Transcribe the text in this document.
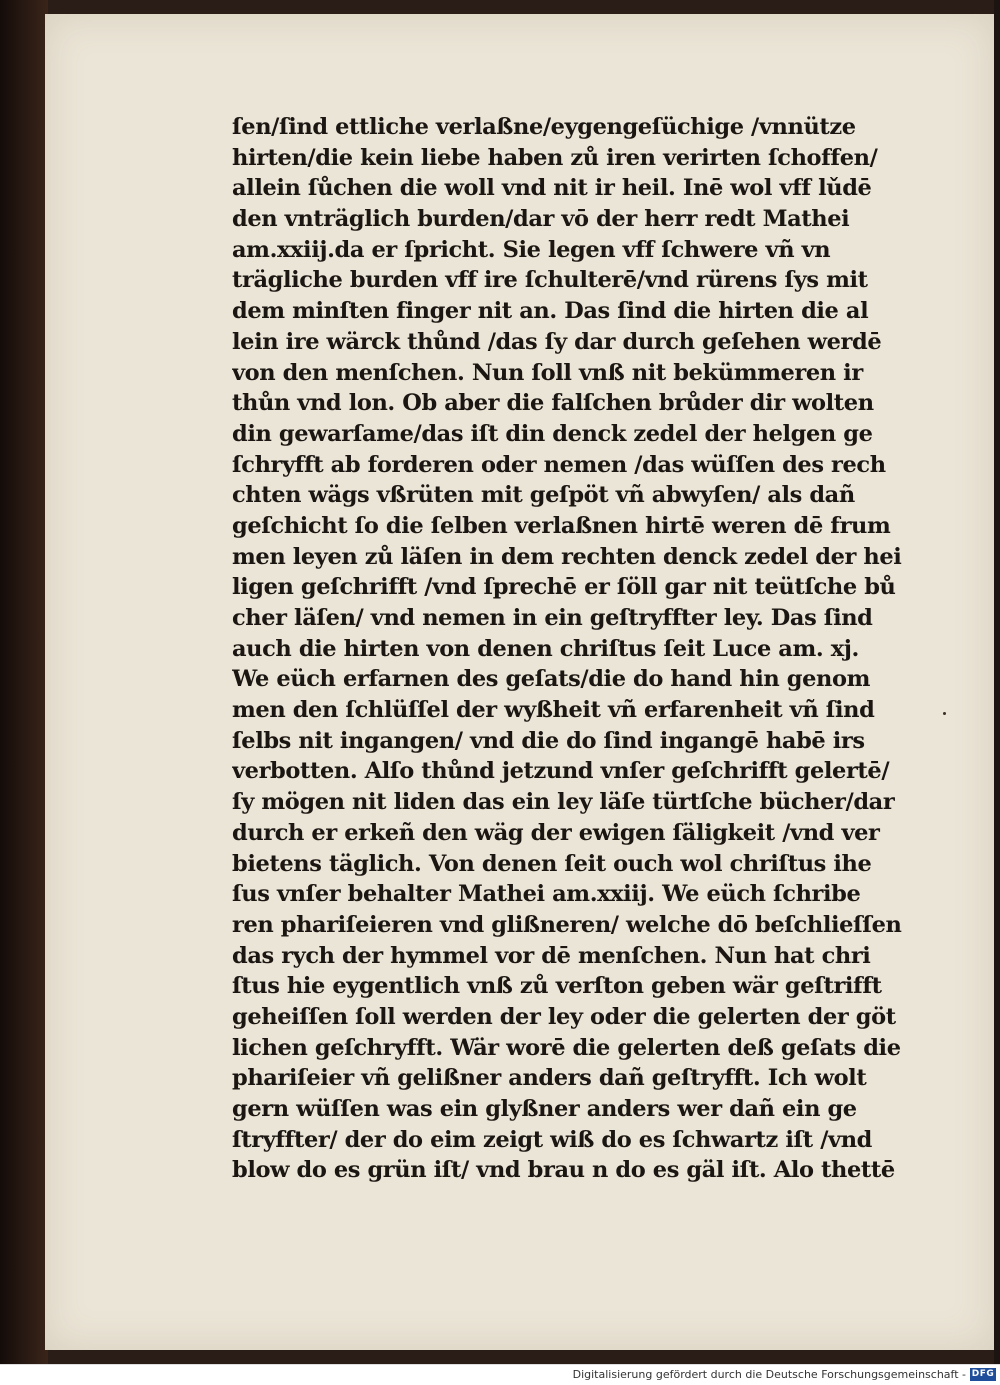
ſen/ſind ettliche verlaßne/eygengeſüchige /vnnütze
hirten/die kein liebe haben zů iren verirten ſchoffen/
allein ſůchen die woll vnd nit ir heil. Inē wol vff lǔdē
den vnträglich burden/dar vō der herr redt Mathei
am.xxiij.da er ſpricht. Sie legen vff ſchwere vñ vn
trägliche burden vff ire ſchulterē/vnd rürens ſys mit
dem minſten finger nit an. Das ſind die hirten die al
lein ire wärck thůnd /das ſy dar durch geſehen werdē
von den menſchen. Nun ſoll vnß nit bekümmeren ir
thůn vnd lon. Ob aber die falſchen brůder dir wolten
din gewarſame/das iſt din denck zedel der helgen ge
ſchryfft ab forderen oder nemen /das wüſſen des rech
chten wägs vßrüten mit geſpöt vñ abwyſen/ als dañ
geſchicht ſo die ſelben verlaßnen hirtē weren dē frum
men leyen zů läſen in dem rechten denck zedel der hei
ligen geſchrifft /vnd ſprechē er ſöll gar nit teütſche bů
cher läſen/ vnd nemen in ein geſtryffter ley. Das ſind
auch die hirten von denen chriſtus ſeit Luce am. xj.
We eüch erfarnen des geſats/die do hand hin genom
men den ſchlüſſel der wyßheit vñ erfarenheit vñ ſind
ſelbs nit ingangen/ vnd die do ſind ingangē habē irs
verbotten. Alſo thůnd jetzund vnſer geſchrifft gelertē/
ſy mögen nit liden das ein ley läſe türtſche bücher/dar
durch er erkeñ den wäg der ewigen ſäligkeit /vnd ver
bietens täglich. Von denen ſeit ouch wol chriſtus ihe
ſus vnſer behalter Mathei am.xxiij. We eüch ſchribe
ren phariſeieren vnd glißneren/ welche dō beſchlieſſen
das rych der hymmel vor dē menſchen. Nun hat chri
ſtus hie eygentlich vnß zů verſton geben wär geſtrifft
geheiſſen ſoll werden der ley oder die gelerten der göt
lichen geſchryfft. Wär worē die gelerten deß geſats die
phariſeier vñ gelißner anders dañ geſtryfft. Ich wolt
gern wüſſen was ein glyßner anders wer dañ ein ge
ſtryffter/ der do eim zeigt wiß do es ſchwartz iſt /vnd
blow do es grün iſt/ vnd brau n do es gäl iſt. Alo thettē
Digitalisierung gefördert durch die Deutsche Forschungsgemeinschaft - DFG
